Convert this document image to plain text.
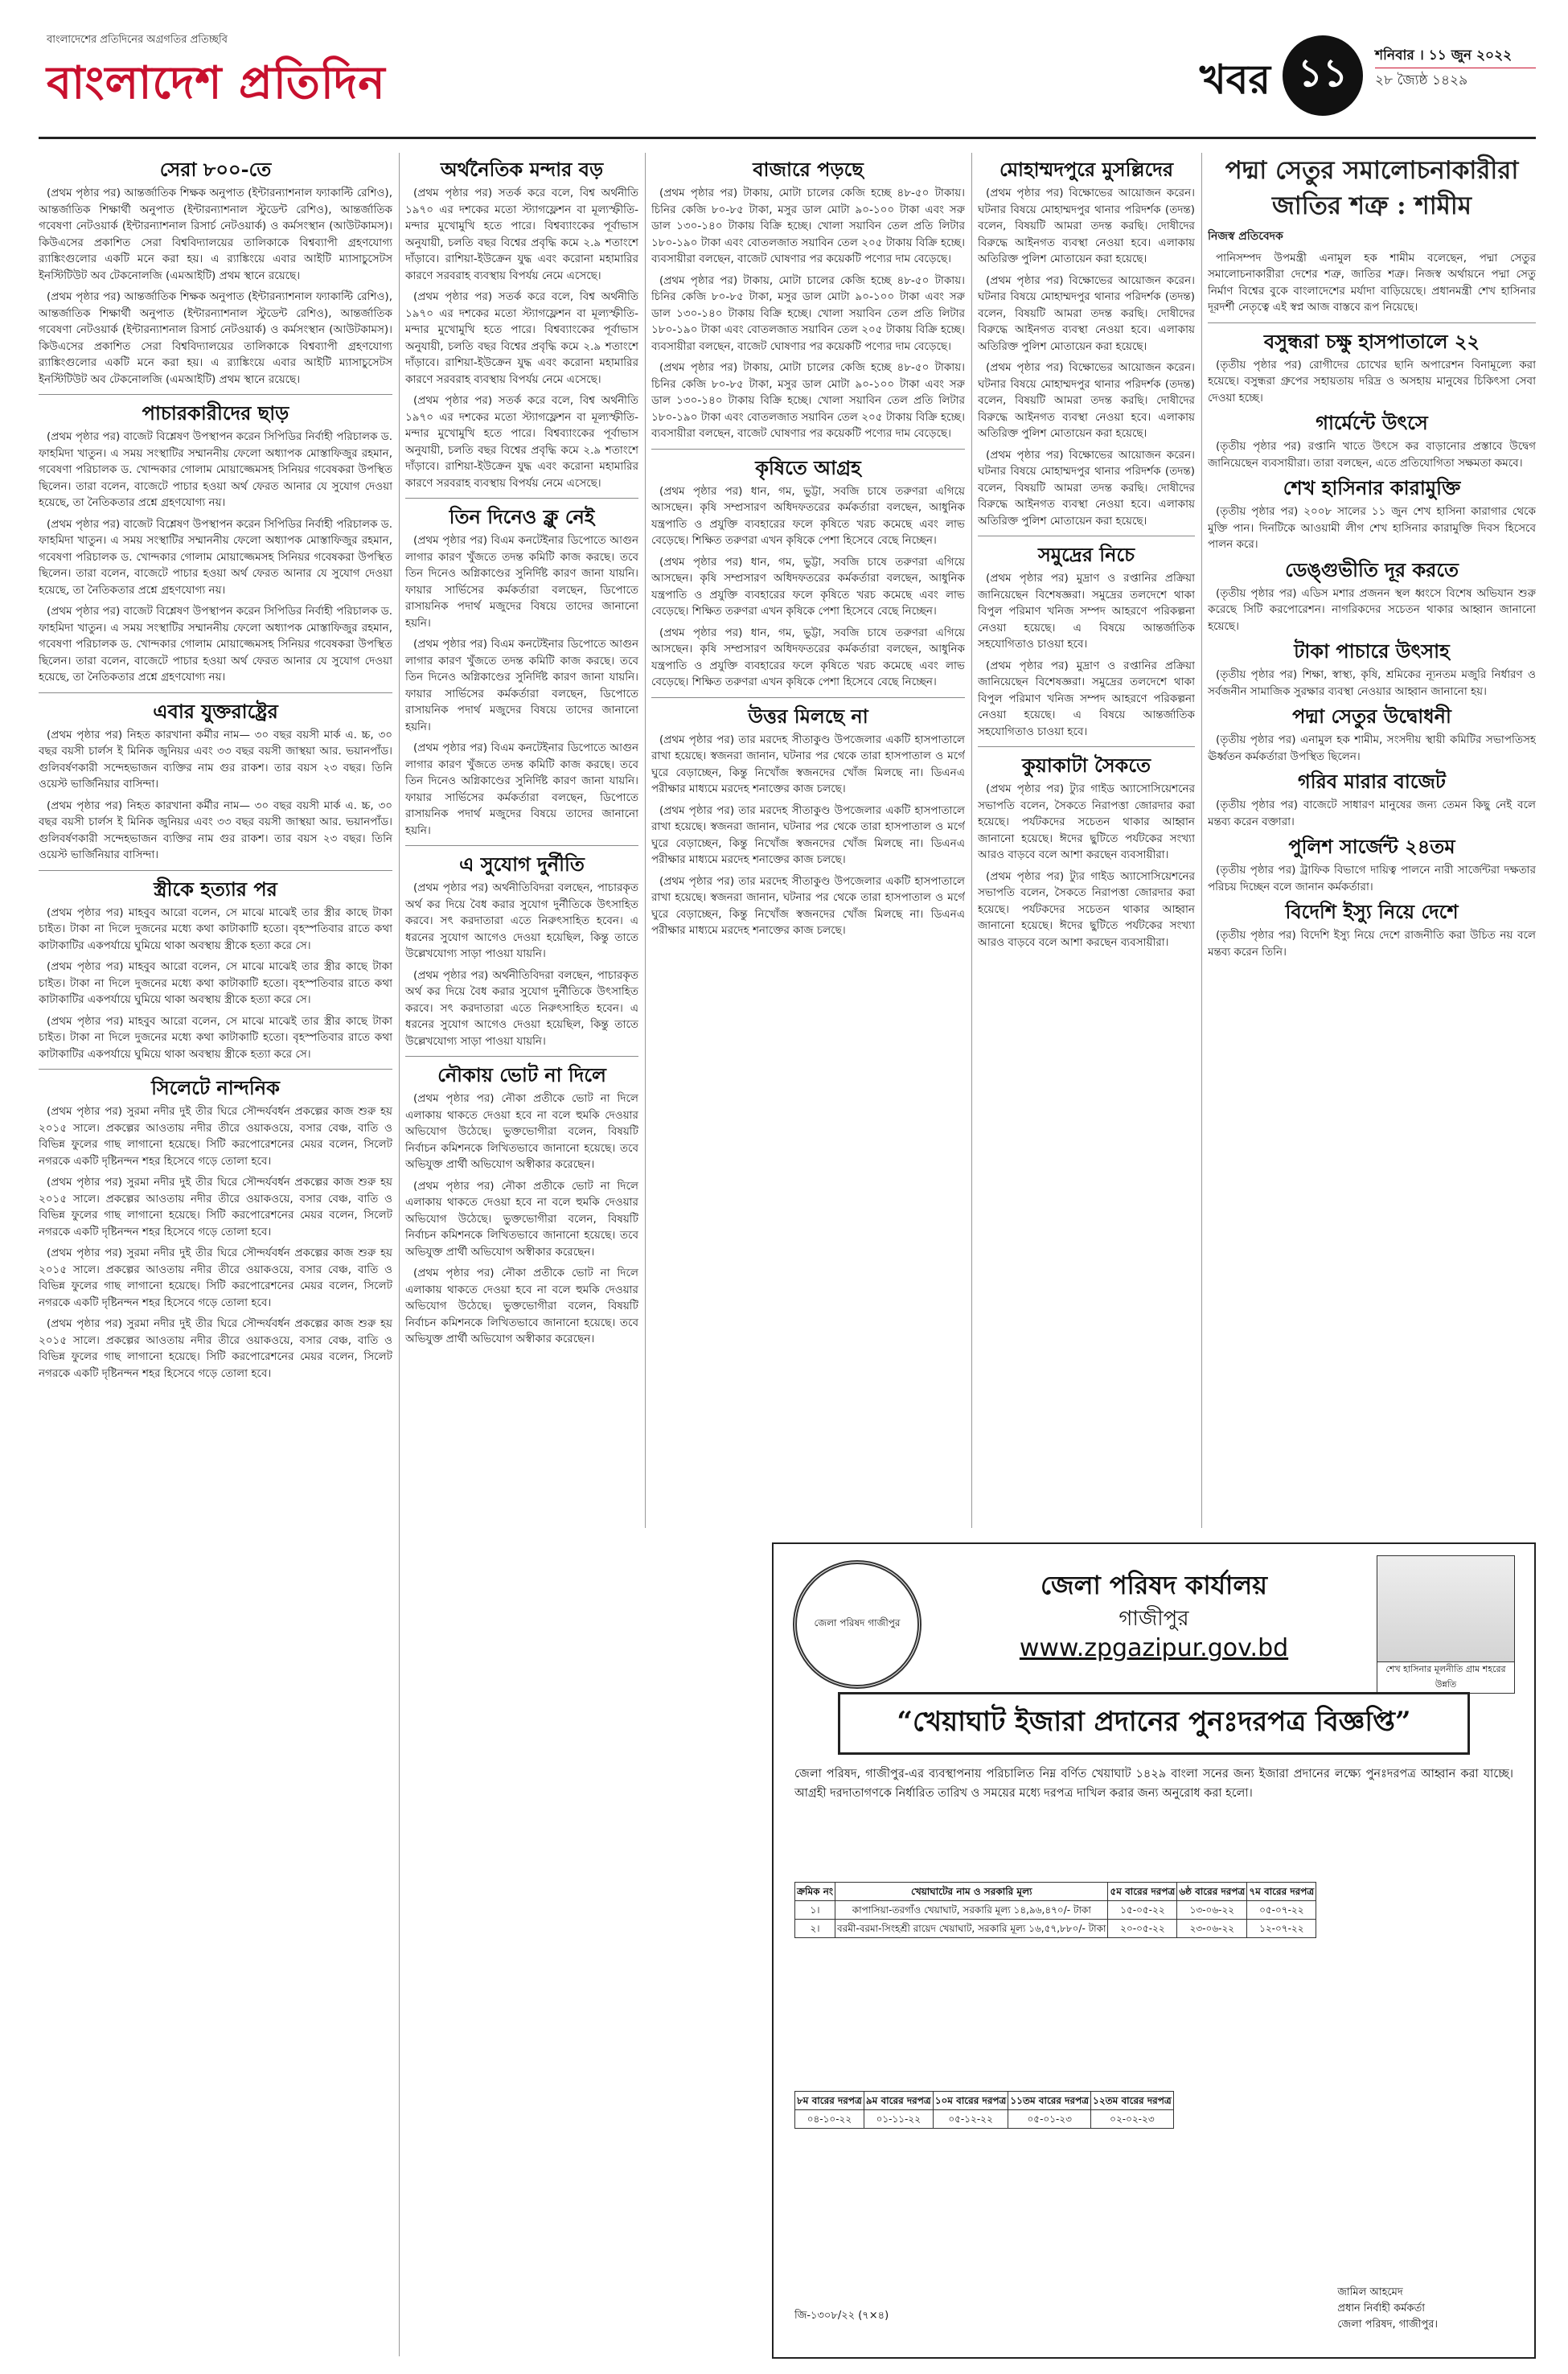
বাংলাদেশের প্রতিদিনের অগ্রগতির প্রতিচ্ছবি
বাংলাদেশ প্রতিদিন	খবর ১১	শনিবার । ১১ জুন ২০২২
২৮ জ্যৈষ্ঠ ১৪২৯
সেরা ৮০০-তে

(প্রথম পৃষ্ঠার পর) আন্তর্জাতিক শিক্ষক অনুপাত (ইন্টারন্যাশনাল ফ্যাকাল্টি রেশিও), আন্তর্জাতিক শিক্ষার্থী অনুপাত (ইন্টারন্যাশনাল স্টুডেন্ট রেশিও), আন্তর্জাতিক গবেষণা নেটওয়ার্ক (ইন্টারন্যাশনাল রিসার্চ নেটওয়ার্ক) ও কর্মসংস্থান (আউটকামস)। কিউএসের প্রকাশিত সেরা বিশ্ববিদ্যালয়ের তালিকাকে বিশ্বব্যাপী গ্রহণযোগ্য র‌্যাঙ্কিংগুলোর একটি মনে করা হয়। এ র‌্যাঙ্কিংয়ে এবার আইটি ম্যাসাচুসেটস ইনস্টিটিউট অব টেকনোলজি (এমআইটি) প্রথম স্থানে রয়েছে।

(প্রথম পৃষ্ঠার পর) আন্তর্জাতিক শিক্ষক অনুপাত (ইন্টারন্যাশনাল ফ্যাকাল্টি রেশিও), আন্তর্জাতিক শিক্ষার্থী অনুপাত (ইন্টারন্যাশনাল স্টুডেন্ট রেশিও), আন্তর্জাতিক গবেষণা নেটওয়ার্ক (ইন্টারন্যাশনাল রিসার্চ নেটওয়ার্ক) ও কর্মসংস্থান (আউটকামস)। কিউএসের প্রকাশিত সেরা বিশ্ববিদ্যালয়ের তালিকাকে বিশ্বব্যাপী গ্রহণযোগ্য র‌্যাঙ্কিংগুলোর একটি মনে করা হয়। এ র‌্যাঙ্কিংয়ে এবার আইটি ম্যাসাচুসেটস ইনস্টিটিউট অব টেকনোলজি (এমআইটি) প্রথম স্থানে রয়েছে।

পাচারকারীদের ছাড়

(প্রথম পৃষ্ঠার পর) বাজেট বিশ্লেষণ উপস্থাপন করেন সিপিডির নির্বাহী পরিচালক ড. ফাহমিদা খাতুন। এ সময় সংস্থাটির সম্মাননীয় ফেলো অধ্যাপক মোস্তাফিজুর রহমান, গবেষণা পরিচালক ড. খোন্দকার গোলাম মোয়াজ্জেমসহ সিনিয়র গবেষকরা উপস্থিত ছিলেন। তারা বলেন, বাজেটে পাচার হওয়া অর্থ ফেরত আনার যে সুযোগ দেওয়া হয়েছে, তা নৈতিকতার প্রশ্নে গ্রহণযোগ্য নয়।

(প্রথম পৃষ্ঠার পর) বাজেট বিশ্লেষণ উপস্থাপন করেন সিপিডির নির্বাহী পরিচালক ড. ফাহমিদা খাতুন। এ সময় সংস্থাটির সম্মাননীয় ফেলো অধ্যাপক মোস্তাফিজুর রহমান, গবেষণা পরিচালক ড. খোন্দকার গোলাম মোয়াজ্জেমসহ সিনিয়র গবেষকরা উপস্থিত ছিলেন। তারা বলেন, বাজেটে পাচার হওয়া অর্থ ফেরত আনার যে সুযোগ দেওয়া হয়েছে, তা নৈতিকতার প্রশ্নে গ্রহণযোগ্য নয়।

(প্রথম পৃষ্ঠার পর) বাজেট বিশ্লেষণ উপস্থাপন করেন সিপিডির নির্বাহী পরিচালক ড. ফাহমিদা খাতুন। এ সময় সংস্থাটির সম্মাননীয় ফেলো অধ্যাপক মোস্তাফিজুর রহমান, গবেষণা পরিচালক ড. খোন্দকার গোলাম মোয়াজ্জেমসহ সিনিয়র গবেষকরা উপস্থিত ছিলেন। তারা বলেন, বাজেটে পাচার হওয়া অর্থ ফেরত আনার যে সুযোগ দেওয়া হয়েছে, তা নৈতিকতার প্রশ্নে গ্রহণযোগ্য নয়।

এবার যুক্তরাষ্ট্রের

(প্রথম পৃষ্ঠার পর) নিহত কারখানা কর্মীর নাম— ৩০ বছর বয়সী মার্ক এ. চ্চ, ৩০ বছর বয়সী চার্লস ই মিনিক জুনিয়র এবং ৩৩ বছর বয়সী জাস্থয়া আর. ভয়ানপাঁড। গুলিবর্ষণকারী সন্দেহভাজন ব্যক্তির নাম গুর রাকশ। তার বয়স ২৩ বছর। তিনি ওয়েস্ট ভার্জিনিয়ার বাসিন্দা।

(প্রথম পৃষ্ঠার পর) নিহত কারখানা কর্মীর নাম— ৩০ বছর বয়সী মার্ক এ. চ্চ, ৩০ বছর বয়সী চার্লস ই মিনিক জুনিয়র এবং ৩৩ বছর বয়সী জাস্থয়া আর. ভয়ানপাঁড। গুলিবর্ষণকারী সন্দেহভাজন ব্যক্তির নাম গুর রাকশ। তার বয়স ২৩ বছর। তিনি ওয়েস্ট ভার্জিনিয়ার বাসিন্দা।

স্ত্রীকে হত্যার পর

(প্রথম পৃষ্ঠার পর) মাহবুব আরো বলেন, সে মাঝে মাঝেই তার স্ত্রীর কাছে টাকা চাইত। টাকা না দিলে দুজনের মধ্যে কথা কাটাকাটি হতো। বৃহস্পতিবার রাতে কথা কাটাকাটির একপর্যায়ে ঘুমিয়ে থাকা অবস্থায় স্ত্রীকে হত্যা করে সে।

(প্রথম পৃষ্ঠার পর) মাহবুব আরো বলেন, সে মাঝে মাঝেই তার স্ত্রীর কাছে টাকা চাইত। টাকা না দিলে দুজনের মধ্যে কথা কাটাকাটি হতো। বৃহস্পতিবার রাতে কথা কাটাকাটির একপর্যায়ে ঘুমিয়ে থাকা অবস্থায় স্ত্রীকে হত্যা করে সে।

(প্রথম পৃষ্ঠার পর) মাহবুব আরো বলেন, সে মাঝে মাঝেই তার স্ত্রীর কাছে টাকা চাইত। টাকা না দিলে দুজনের মধ্যে কথা কাটাকাটি হতো। বৃহস্পতিবার রাতে কথা কাটাকাটির একপর্যায়ে ঘুমিয়ে থাকা অবস্থায় স্ত্রীকে হত্যা করে সে।

সিলেটে নান্দনিক

(প্রথম পৃষ্ঠার পর) সুরমা নদীর দুই তীর ঘিরে সৌন্দর্যবর্ধন প্রকল্পের কাজ শুরু হয় ২০১৫ সালে। প্রকল্পের আওতায় নদীর তীরে ওয়াকওয়ে, বসার বেঞ্চ, বাতি ও বিভিন্ন ফুলের গাছ লাগানো হয়েছে। সিটি করপোরেশনের মেয়র বলেন, সিলেট নগরকে একটি দৃষ্টিনন্দন শহর হিসেবে গড়ে তোলা হবে।

(প্রথম পৃষ্ঠার পর) সুরমা নদীর দুই তীর ঘিরে সৌন্দর্যবর্ধন প্রকল্পের কাজ শুরু হয় ২০১৫ সালে। প্রকল্পের আওতায় নদীর তীরে ওয়াকওয়ে, বসার বেঞ্চ, বাতি ও বিভিন্ন ফুলের গাছ লাগানো হয়েছে। সিটি করপোরেশনের মেয়র বলেন, সিলেট নগরকে একটি দৃষ্টিনন্দন শহর হিসেবে গড়ে তোলা হবে।

(প্রথম পৃষ্ঠার পর) সুরমা নদীর দুই তীর ঘিরে সৌন্দর্যবর্ধন প্রকল্পের কাজ শুরু হয় ২০১৫ সালে। প্রকল্পের আওতায় নদীর তীরে ওয়াকওয়ে, বসার বেঞ্চ, বাতি ও বিভিন্ন ফুলের গাছ লাগানো হয়েছে। সিটি করপোরেশনের মেয়র বলেন, সিলেট নগরকে একটি দৃষ্টিনন্দন শহর হিসেবে গড়ে তোলা হবে।

(প্রথম পৃষ্ঠার পর) সুরমা নদীর দুই তীর ঘিরে সৌন্দর্যবর্ধন প্রকল্পের কাজ শুরু হয় ২০১৫ সালে। প্রকল্পের আওতায় নদীর তীরে ওয়াকওয়ে, বসার বেঞ্চ, বাতি ও বিভিন্ন ফুলের গাছ লাগানো হয়েছে। সিটি করপোরেশনের মেয়র বলেন, সিলেট নগরকে একটি দৃষ্টিনন্দন শহর হিসেবে গড়ে তোলা হবে।

অর্থনৈতিক মন্দার বড়

(প্রথম পৃষ্ঠার পর) সতর্ক করে বলে, বিশ্ব অর্থনীতি ১৯৭০ এর দশকের মতো স্ট্যাগফ্লেশন বা মূল্যস্ফীতি-মন্দার মুখোমুখি হতে পারে। বিশ্বব্যাংকের পূর্বাভাস অনুযায়ী, চলতি বছর বিশ্বের প্রবৃদ্ধি কমে ২.৯ শতাংশে দাঁড়াবে। রাশিয়া-ইউক্রেন যুদ্ধ এবং করোনা মহামারির কারণে সরবরাহ ব্যবস্থায় বিপর্যয় নেমে এসেছে।

(প্রথম পৃষ্ঠার পর) সতর্ক করে বলে, বিশ্ব অর্থনীতি ১৯৭০ এর দশকের মতো স্ট্যাগফ্লেশন বা মূল্যস্ফীতি-মন্দার মুখোমুখি হতে পারে। বিশ্বব্যাংকের পূর্বাভাস অনুযায়ী, চলতি বছর বিশ্বের প্রবৃদ্ধি কমে ২.৯ শতাংশে দাঁড়াবে। রাশিয়া-ইউক্রেন যুদ্ধ এবং করোনা মহামারির কারণে সরবরাহ ব্যবস্থায় বিপর্যয় নেমে এসেছে।

(প্রথম পৃষ্ঠার পর) সতর্ক করে বলে, বিশ্ব অর্থনীতি ১৯৭০ এর দশকের মতো স্ট্যাগফ্লেশন বা মূল্যস্ফীতি-মন্দার মুখোমুখি হতে পারে। বিশ্বব্যাংকের পূর্বাভাস অনুযায়ী, চলতি বছর বিশ্বের প্রবৃদ্ধি কমে ২.৯ শতাংশে দাঁড়াবে। রাশিয়া-ইউক্রেন যুদ্ধ এবং করোনা মহামারির কারণে সরবরাহ ব্যবস্থায় বিপর্যয় নেমে এসেছে।

তিন দিনেও ক্লু নেই

(প্রথম পৃষ্ঠার পর) বিএম কনটেইনার ডিপোতে আগুন লাগার কারণ খুঁজতে তদন্ত কমিটি কাজ করছে। তবে তিন দিনেও অগ্নিকাণ্ডের সুনির্দিষ্ট কারণ জানা যায়নি। ফায়ার সার্ভিসের কর্মকর্তারা বলছেন, ডিপোতে রাসায়নিক পদার্থ মজুদের বিষয়ে তাদের জানানো হয়নি।

(প্রথম পৃষ্ঠার পর) বিএম কনটেইনার ডিপোতে আগুন লাগার কারণ খুঁজতে তদন্ত কমিটি কাজ করছে। তবে তিন দিনেও অগ্নিকাণ্ডের সুনির্দিষ্ট কারণ জানা যায়নি। ফায়ার সার্ভিসের কর্মকর্তারা বলছেন, ডিপোতে রাসায়নিক পদার্থ মজুদের বিষয়ে তাদের জানানো হয়নি।

(প্রথম পৃষ্ঠার পর) বিএম কনটেইনার ডিপোতে আগুন লাগার কারণ খুঁজতে তদন্ত কমিটি কাজ করছে। তবে তিন দিনেও অগ্নিকাণ্ডের সুনির্দিষ্ট কারণ জানা যায়নি। ফায়ার সার্ভিসের কর্মকর্তারা বলছেন, ডিপোতে রাসায়নিক পদার্থ মজুদের বিষয়ে তাদের জানানো হয়নি।

এ সুযোগ দুর্নীতি

(প্রথম পৃষ্ঠার পর) অর্থনীতিবিদরা বলছেন, পাচারকৃত অর্থ কর দিয়ে বৈধ করার সুযোগ দুর্নীতিকে উৎসাহিত করবে। সৎ করদাতারা এতে নিরুৎসাহিত হবেন। এ ধরনের সুযোগ আগেও দেওয়া হয়েছিল, কিন্তু তাতে উল্লেখযোগ্য সাড়া পাওয়া যায়নি।

(প্রথম পৃষ্ঠার পর) অর্থনীতিবিদরা বলছেন, পাচারকৃত অর্থ কর দিয়ে বৈধ করার সুযোগ দুর্নীতিকে উৎসাহিত করবে। সৎ করদাতারা এতে নিরুৎসাহিত হবেন। এ ধরনের সুযোগ আগেও দেওয়া হয়েছিল, কিন্তু তাতে উল্লেখযোগ্য সাড়া পাওয়া যায়নি।

নৌকায় ভোট না দিলে

(প্রথম পৃষ্ঠার পর) নৌকা প্রতীকে ভোট না দিলে এলাকায় থাকতে দেওয়া হবে না বলে হুমকি দেওয়ার অভিযোগ উঠেছে। ভুক্তভোগীরা বলেন, বিষয়টি নির্বাচন কমিশনকে লিখিতভাবে জানানো হয়েছে। তবে অভিযুক্ত প্রার্থী অভিযোগ অস্বীকার করেছেন।

(প্রথম পৃষ্ঠার পর) নৌকা প্রতীকে ভোট না দিলে এলাকায় থাকতে দেওয়া হবে না বলে হুমকি দেওয়ার অভিযোগ উঠেছে। ভুক্তভোগীরা বলেন, বিষয়টি নির্বাচন কমিশনকে লিখিতভাবে জানানো হয়েছে। তবে অভিযুক্ত প্রার্থী অভিযোগ অস্বীকার করেছেন।

(প্রথম পৃষ্ঠার পর) নৌকা প্রতীকে ভোট না দিলে এলাকায় থাকতে দেওয়া হবে না বলে হুমকি দেওয়ার অভিযোগ উঠেছে। ভুক্তভোগীরা বলেন, বিষয়টি নির্বাচন কমিশনকে লিখিতভাবে জানানো হয়েছে। তবে অভিযুক্ত প্রার্থী অভিযোগ অস্বীকার করেছেন।

বাজারে পড়ছে

(প্রথম পৃষ্ঠার পর) টাকায়, মোটা চালের কেজি হচ্ছে ৪৮-৫০ টাকায়। চিনির কেজি ৮০-৮৫ টাকা, মসুর ডাল মোটা ৯০-১০০ টাকা এবং সরু ডাল ১৩০-১৪০ টাকায় বিক্রি হচ্ছে। খোলা সয়াবিন তেল প্রতি লিটার ১৮০-১৯০ টাকা এবং বোতলজাত সয়াবিন তেল ২০৫ টাকায় বিক্রি হচ্ছে। ব্যবসায়ীরা বলছেন, বাজেট ঘোষণার পর কয়েকটি পণ্যের দাম বেড়েছে।

(প্রথম পৃষ্ঠার পর) টাকায়, মোটা চালের কেজি হচ্ছে ৪৮-৫০ টাকায়। চিনির কেজি ৮০-৮৫ টাকা, মসুর ডাল মোটা ৯০-১০০ টাকা এবং সরু ডাল ১৩০-১৪০ টাকায় বিক্রি হচ্ছে। খোলা সয়াবিন তেল প্রতি লিটার ১৮০-১৯০ টাকা এবং বোতলজাত সয়াবিন তেল ২০৫ টাকায় বিক্রি হচ্ছে। ব্যবসায়ীরা বলছেন, বাজেট ঘোষণার পর কয়েকটি পণ্যের দাম বেড়েছে।

(প্রথম পৃষ্ঠার পর) টাকায়, মোটা চালের কেজি হচ্ছে ৪৮-৫০ টাকায়। চিনির কেজি ৮০-৮৫ টাকা, মসুর ডাল মোটা ৯০-১০০ টাকা এবং সরু ডাল ১৩০-১৪০ টাকায় বিক্রি হচ্ছে। খোলা সয়াবিন তেল প্রতি লিটার ১৮০-১৯০ টাকা এবং বোতলজাত সয়াবিন তেল ২০৫ টাকায় বিক্রি হচ্ছে। ব্যবসায়ীরা বলছেন, বাজেট ঘোষণার পর কয়েকটি পণ্যের দাম বেড়েছে।

কৃষিতে আগ্রহ

(প্রথম পৃষ্ঠার পর) ধান, গম, ভুট্টা, সবজি চাষে তরুণরা এগিয়ে আসছেন। কৃষি সম্প্রসারণ অধিদফতরের কর্মকর্তারা বলছেন, আধুনিক যন্ত্রপাতি ও প্রযুক্তি ব্যবহারের ফলে কৃষিতে খরচ কমেছে এবং লাভ বেড়েছে। শিক্ষিত তরুণরা এখন কৃষিকে পেশা হিসেবে বেছে নিচ্ছেন।

(প্রথম পৃষ্ঠার পর) ধান, গম, ভুট্টা, সবজি চাষে তরুণরা এগিয়ে আসছেন। কৃষি সম্প্রসারণ অধিদফতরের কর্মকর্তারা বলছেন, আধুনিক যন্ত্রপাতি ও প্রযুক্তি ব্যবহারের ফলে কৃষিতে খরচ কমেছে এবং লাভ বেড়েছে। শিক্ষিত তরুণরা এখন কৃষিকে পেশা হিসেবে বেছে নিচ্ছেন।

(প্রথম পৃষ্ঠার পর) ধান, গম, ভুট্টা, সবজি চাষে তরুণরা এগিয়ে আসছেন। কৃষি সম্প্রসারণ অধিদফতরের কর্মকর্তারা বলছেন, আধুনিক যন্ত্রপাতি ও প্রযুক্তি ব্যবহারের ফলে কৃষিতে খরচ কমেছে এবং লাভ বেড়েছে। শিক্ষিত তরুণরা এখন কৃষিকে পেশা হিসেবে বেছে নিচ্ছেন।

উত্তর মিলছে না

(প্রথম পৃষ্ঠার পর) তার মরদেহ সীতাকুণ্ড উপজেলার একটি হাসপাতালে রাখা হয়েছে। স্বজনরা জানান, ঘটনার পর থেকে তারা হাসপাতাল ও মর্গে ঘুরে বেড়াচ্ছেন, কিন্তু নিখোঁজ স্বজনদের খোঁজ মিলছে না। ডিএনএ পরীক্ষার মাধ্যমে মরদেহ শনাক্তের কাজ চলছে।

(প্রথম পৃষ্ঠার পর) তার মরদেহ সীতাকুণ্ড উপজেলার একটি হাসপাতালে রাখা হয়েছে। স্বজনরা জানান, ঘটনার পর থেকে তারা হাসপাতাল ও মর্গে ঘুরে বেড়াচ্ছেন, কিন্তু নিখোঁজ স্বজনদের খোঁজ মিলছে না। ডিএনএ পরীক্ষার মাধ্যমে মরদেহ শনাক্তের কাজ চলছে।

(প্রথম পৃষ্ঠার পর) তার মরদেহ সীতাকুণ্ড উপজেলার একটি হাসপাতালে রাখা হয়েছে। স্বজনরা জানান, ঘটনার পর থেকে তারা হাসপাতাল ও মর্গে ঘুরে বেড়াচ্ছেন, কিন্তু নিখোঁজ স্বজনদের খোঁজ মিলছে না। ডিএনএ পরীক্ষার মাধ্যমে মরদেহ শনাক্তের কাজ চলছে।

মোহাম্মদপুরে মুসল্লিদের

(প্রথম পৃষ্ঠার পর) বিক্ষোভের আয়োজন করেন। ঘটনার বিষয়ে মোহাম্মদপুর থানার পরিদর্শক (তদন্ত) বলেন, বিষয়টি আমরা তদন্ত করছি। দোষীদের বিরুদ্ধে আইনগত ব্যবস্থা নেওয়া হবে। এলাকায় অতিরিক্ত পুলিশ মোতায়েন করা হয়েছে।

(প্রথম পৃষ্ঠার পর) বিক্ষোভের আয়োজন করেন। ঘটনার বিষয়ে মোহাম্মদপুর থানার পরিদর্শক (তদন্ত) বলেন, বিষয়টি আমরা তদন্ত করছি। দোষীদের বিরুদ্ধে আইনগত ব্যবস্থা নেওয়া হবে। এলাকায় অতিরিক্ত পুলিশ মোতায়েন করা হয়েছে।

(প্রথম পৃষ্ঠার পর) বিক্ষোভের আয়োজন করেন। ঘটনার বিষয়ে মোহাম্মদপুর থানার পরিদর্শক (তদন্ত) বলেন, বিষয়টি আমরা তদন্ত করছি। দোষীদের বিরুদ্ধে আইনগত ব্যবস্থা নেওয়া হবে। এলাকায় অতিরিক্ত পুলিশ মোতায়েন করা হয়েছে।

(প্রথম পৃষ্ঠার পর) বিক্ষোভের আয়োজন করেন। ঘটনার বিষয়ে মোহাম্মদপুর থানার পরিদর্শক (তদন্ত) বলেন, বিষয়টি আমরা তদন্ত করছি। দোষীদের বিরুদ্ধে আইনগত ব্যবস্থা নেওয়া হবে। এলাকায় অতিরিক্ত পুলিশ মোতায়েন করা হয়েছে।

সমুদ্রের নিচে

(প্রথম পৃষ্ঠার পর) মুদ্রাণ ও রপ্তানির প্রক্রিয়া জানিয়েছেন বিশেষজ্ঞরা। সমুদ্রের তলদেশে থাকা বিপুল পরিমাণ খনিজ সম্পদ আহরণে পরিকল্পনা নেওয়া হয়েছে। এ বিষয়ে আন্তর্জাতিক সহযোগিতাও চাওয়া হবে।

(প্রথম পৃষ্ঠার পর) মুদ্রাণ ও রপ্তানির প্রক্রিয়া জানিয়েছেন বিশেষজ্ঞরা। সমুদ্রের তলদেশে থাকা বিপুল পরিমাণ খনিজ সম্পদ আহরণে পরিকল্পনা নেওয়া হয়েছে। এ বিষয়ে আন্তর্জাতিক সহযোগিতাও চাওয়া হবে।

কুয়াকাটা সৈকতে

(প্রথম পৃষ্ঠার পর) ট্যুর গাইড অ্যাসোসিয়েশনের সভাপতি বলেন, সৈকতে নিরাপত্তা জোরদার করা হয়েছে। পর্যটকদের সচেতন থাকার আহ্বান জানানো হয়েছে। ঈদের ছুটিতে পর্যটকের সংখ্যা আরও বাড়বে বলে আশা করছেন ব্যবসায়ীরা।

(প্রথম পৃষ্ঠার পর) ট্যুর গাইড অ্যাসোসিয়েশনের সভাপতি বলেন, সৈকতে নিরাপত্তা জোরদার করা হয়েছে। পর্যটকদের সচেতন থাকার আহ্বান জানানো হয়েছে। ঈদের ছুটিতে পর্যটকের সংখ্যা আরও বাড়বে বলে আশা করছেন ব্যবসায়ীরা।

পদ্মা সেতুর সমালোচনাকারীরা
জাতির শত্রু : শামীম
নিজস্ব প্রতিবেদক

পানিসম্পদ উপমন্ত্রী এনামুল হক শামীম বলেছেন, পদ্মা সেতুর সমালোচনাকারীরা দেশের শত্রু, জাতির শত্রু। নিজস্ব অর্থায়নে পদ্মা সেতু নির্মাণ বিশ্বের বুকে বাংলাদেশের মর্যাদা বাড়িয়েছে। প্রধানমন্ত্রী শেখ হাসিনার দূরদর্শী নেতৃত্বে এই স্বপ্ন আজ বাস্তবে রূপ নিয়েছে।

বসুন্ধরা চক্ষু হাসপাতালে ২২

(তৃতীয় পৃষ্ঠার পর) রোগীদের চোখের ছানি অপারেশন বিনামূল্যে করা হয়েছে। বসুন্ধরা গ্রুপের সহায়তায় দরিদ্র ও অসহায় মানুষের চিকিৎসা সেবা দেওয়া হচ্ছে।

গার্মেন্টে উৎসে

(তৃতীয় পৃষ্ঠার পর) রপ্তানি খাতে উৎসে কর বাড়ানোর প্রস্তাবে উদ্বেগ জানিয়েছেন ব্যবসায়ীরা। তারা বলছেন, এতে প্রতিযোগিতা সক্ষমতা কমবে।

শেখ হাসিনার কারামুক্তি

(তৃতীয় পৃষ্ঠার পর) ২০০৮ সালের ১১ জুন শেখ হাসিনা কারাগার থেকে মুক্তি পান। দিনটিকে আওয়ামী লীগ শেখ হাসিনার কারামুক্তি দিবস হিসেবে পালন করে।

ডেঙ্গুভীতি দূর করতে

(তৃতীয় পৃষ্ঠার পর) এডিস মশার প্রজনন স্থল ধ্বংসে বিশেষ অভিযান শুরু করেছে সিটি করপোরেশন। নাগরিকদের সচেতন থাকার আহ্বান জানানো হয়েছে।

টাকা পাচারে উৎসাহ

(তৃতীয় পৃষ্ঠার পর) শিক্ষা, স্বাস্থ্য, কৃষি, শ্রমিকের ন্যূনতম মজুরি নির্ধারণ ও সর্বজনীন সামাজিক সুরক্ষার ব্যবস্থা নেওয়ার আহ্বান জানানো হয়।

পদ্মা সেতুর উদ্বোধনী

(তৃতীয় পৃষ্ঠার পর) এনামুল হক শামীম, সংসদীয় স্থায়ী কমিটির সভাপতিসহ ঊর্ধ্বতন কর্মকর্তারা উপস্থিত ছিলেন।

গরিব মারার বাজেট

(তৃতীয় পৃষ্ঠার পর) বাজেটে সাধারণ মানুষের জন্য তেমন কিছু নেই বলে মন্তব্য করেন বক্তারা।

পুলিশ সার্জেন্ট ২৪তম

(তৃতীয় পৃষ্ঠার পর) ট্রাফিক বিভাগে দায়িত্ব পালনে নারী সার্জেন্টরা দক্ষতার পরিচয় দিচ্ছেন বলে জানান কর্মকর্তারা।

বিদেশি ইস্যু নিয়ে দেশে

(তৃতীয় পৃষ্ঠার পর) বিদেশি ইস্যু নিয়ে দেশে রাজনীতি করা উচিত নয় বলে মন্তব্য করেন তিনি।

জেলা পরিষদ গাজীপুর
জেলা পরিষদ কার্যালয়
গাজীপুর
www.zpgazipur.gov.bd
শেখ হাসিনার মূলনীতি গ্রাম শহরের উন্নতি
“খেয়াঘাট ইজারা প্রদানের পুনঃদরপত্র বিজ্ঞপ্তি”
জেলা পরিষদ, গাজীপুর-এর ব্যবস্থাপনায় পরিচালিত নিম্ন বর্ণিত খেয়াঘাট ১৪২৯ বাংলা সনের জন্য ইজারা প্রদানের লক্ষ্যে পুনঃদরপত্র আহ্বান করা যাচ্ছে। আগ্রহী দরদাতাগণকে নির্ধারিত তারিখ ও সময়ের মধ্যে দরপত্র দাখিল করার জন্য অনুরোধ করা হলো।
ক্রমিক নং	খেয়াঘাটের নাম ও সরকারি মূল্য	৫ম বারের দরপত্র	৬ষ্ঠ বারের দরপত্র	৭ম বারের দরপত্র
১।	কাপাসিয়া-তরগাঁও খেয়াঘাট, সরকারি মূল্য ১৪,৯৬,৪৭০/- টাকা	১৫-০৫-২২	১৩-০৬-২২	০৫-০৭-২২
২।	বরমী-বরমা-সিংহশ্রী রায়েদ খেয়াঘাট, সরকারি মূল্য ১৬,৫৭,৮৮০/- টাকা	২০-০৫-২২	২৩-০৬-২২	১২-০৭-২২
৮ম বারের দরপত্র	৯ম বারের দরপত্র	১০ম বারের দরপত্র	১১তম বারের দরপত্র	১২তম বারের দরপত্র
০৪-১০-২২	০১-১১-২২	০৫-১২-২২	০৫-০১-২৩	০২-০২-২৩
জামিল আহমেদ
প্রধান নির্বাহী কর্মকর্তা
জেলা পরিষদ, গাজীপুর।
জি-১৩০৮/২২ (৭×৪)
